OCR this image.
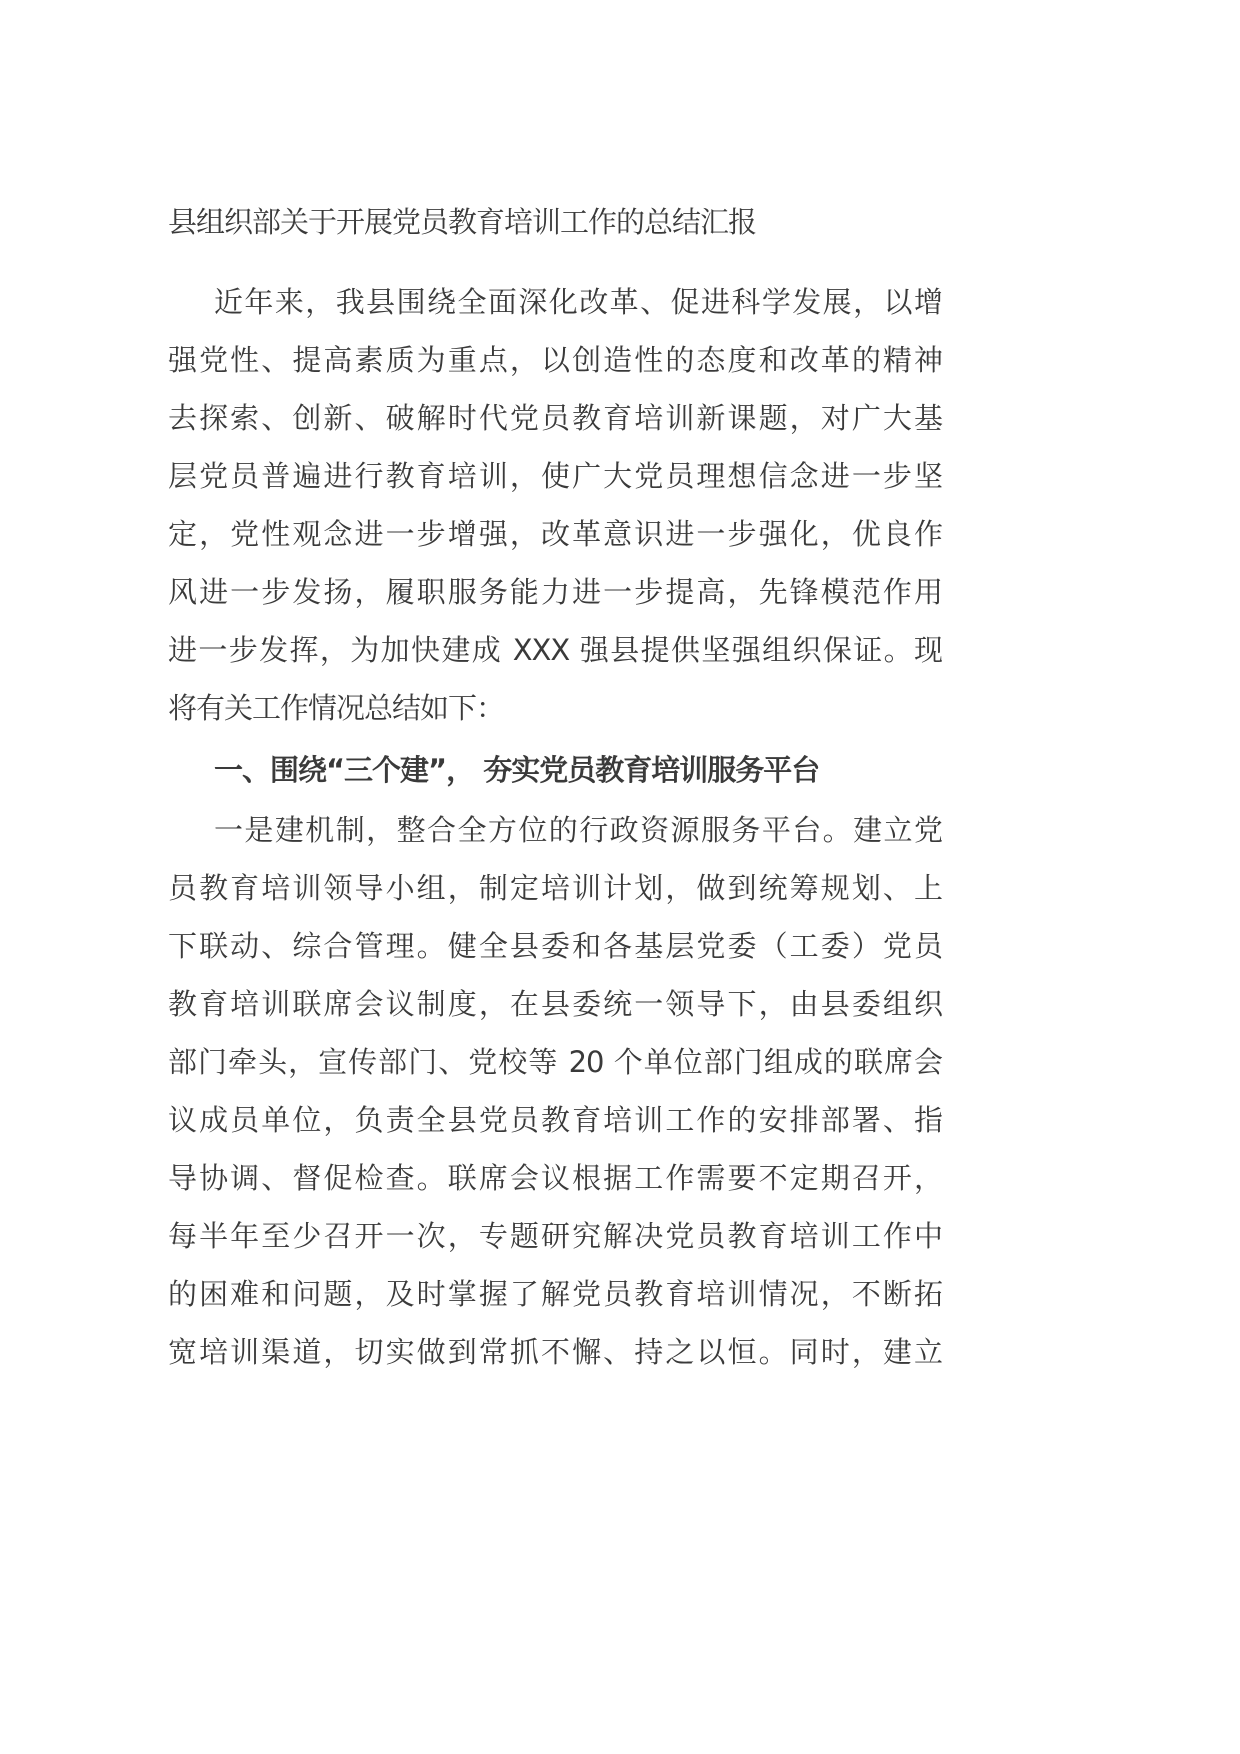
县组织部关于开展党员教育培训工作的总结汇报
近年来，我县围绕全面深化改革、促进科学发展，以增
强党性、提高素质为重点，以创造性的态度和改革的精神
去探索、创新、破解时代党员教育培训新课题，对广大基
层党员普遍进行教育培训，使广大党员理想信念进一步坚
定，党性观念进一步增强，改革意识进一步强化，优良作
风进一步发扬，履职服务能力进一步提高，先锋模范作用
进一步发挥，为加快建成 XXX 强县提供坚强组织保证。现
将有关工作情况总结如下：
一、围绕“三个建”， 夯实党员教育培训服务平台
一是建机制，整合全方位的行政资源服务平台。建立党
员教育培训领导小组，制定培训计划，做到统筹规划、上
下联动、综合管理。健全县委和各基层党委（工委）党员
教育培训联席会议制度，在县委统一领导下，由县委组织
部门牵头，宣传部门、党校等 20 个单位部门组成的联席会
议成员单位，负责全县党员教育培训工作的安排部署、指
导协调、督促检查。联席会议根据工作需要不定期召开，
每半年至少召开一次，专题研究解决党员教育培训工作中
的困难和问题，及时掌握了解党员教育培训情况，不断拓
宽培训渠道，切实做到常抓不懈、持之以恒。同时，建立
